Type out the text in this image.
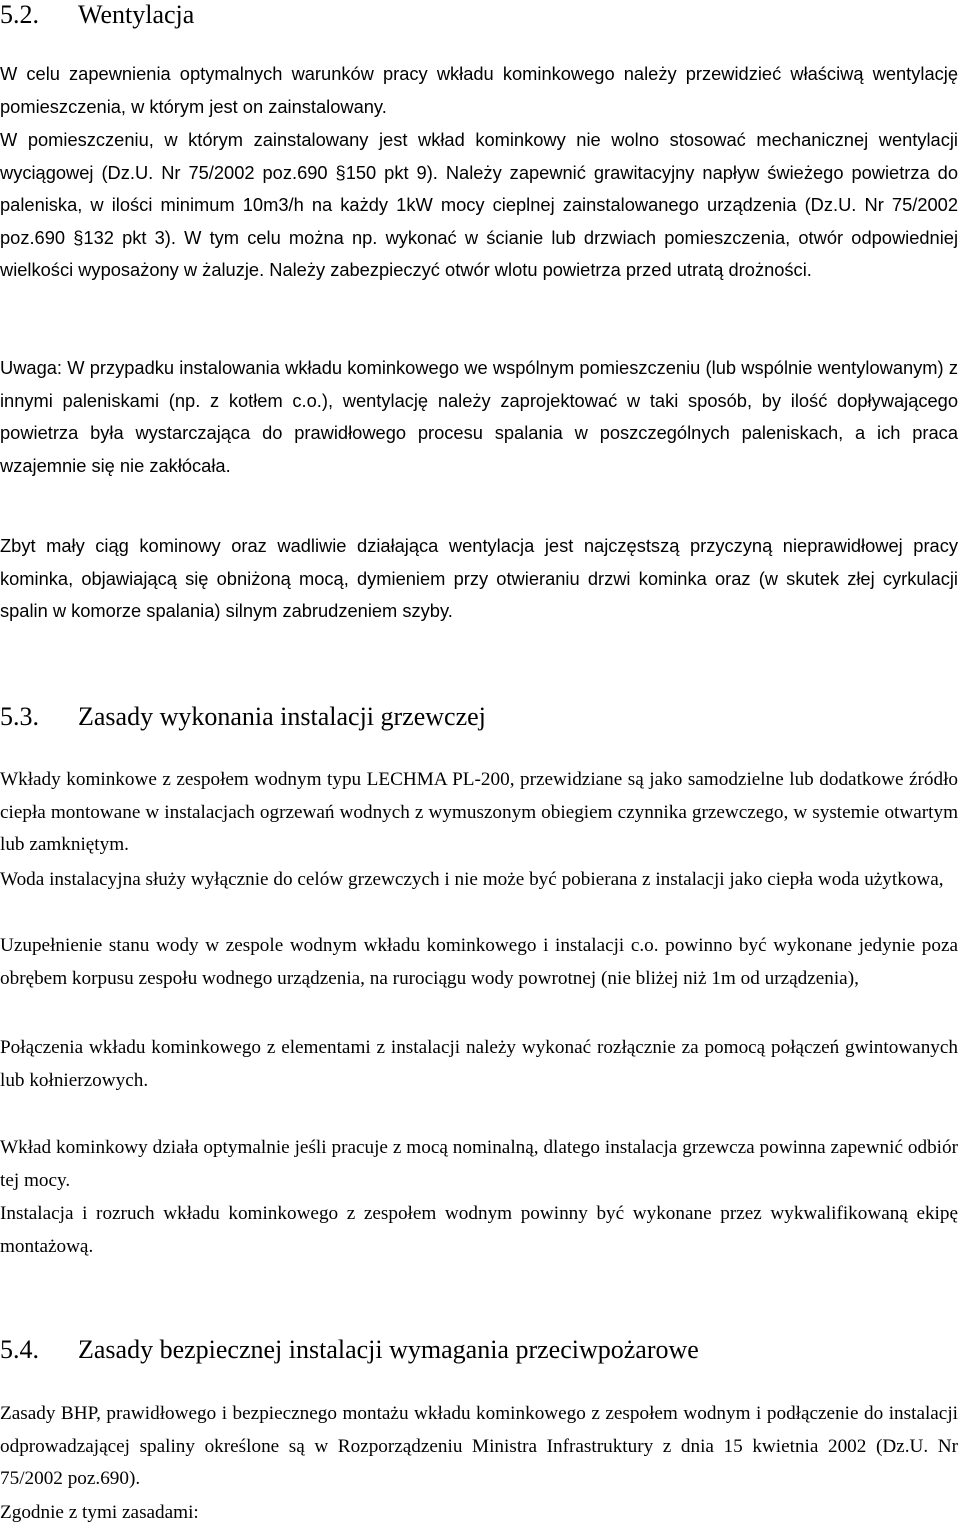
5.2. Wentylacja

W celu zapewnienia optymalnych warunków pracy wkładu kominkowego należy przewidzieć właściwą wentylację pomieszczenia, w którym jest on zainstalowany.

W pomieszczeniu, w którym zainstalowany jest wkład kominkowy nie wolno stosować mechanicznej wentylacji wyciągowej (Dz.U. Nr 75/2002 poz.690 §150 pkt 9). Należy zapewnić grawitacyjny napływ świeżego powietrza do paleniska, w ilości minimum 10m3/h na każdy 1kW mocy cieplnej zainstalowanego urządzenia (Dz.U. Nr 75/2002 poz.690 §132 pkt 3). W tym celu można np. wykonać w ścianie lub drzwiach pomieszczenia, otwór odpowiedniej wielkości wyposażony w żaluzje. Należy zabezpieczyć otwór wlotu powietrza przed utratą drożności.

Uwaga: W przypadku instalowania wkładu kominkowego we wspólnym pomieszczeniu (lub wspólnie wentylowanym) z innymi paleniskami (np. z kotłem c.o.), wentylację należy zaprojektować w taki sposób, by ilość dopływającego powietrza była wystarczająca do prawidłowego procesu spalania w poszczególnych paleniskach, a ich praca wzajemnie się nie zakłócała.

Zbyt mały ciąg kominowy oraz wadliwie działająca wentylacja jest najczęstszą przyczyną nieprawidłowej pracy kominka, objawiającą się obniżoną mocą, dymieniem przy otwieraniu drzwi kominka oraz (w skutek złej cyrkulacji spalin w komorze spalania) silnym zabrudzeniem szyby.

5.3. Zasady wykonania instalacji grzewczej

Wkłady kominkowe z zespołem wodnym typu LECHMA PL-200, przewidziane są jako samodzielne lub dodatkowe źródło ciepła montowane w instalacjach ogrzewań wodnych z wymuszonym obiegiem czynnika grzewczego, w systemie otwartym lub zamkniętym.

Woda instalacyjna służy wyłącznie do celów grzewczych i nie może być pobierana z instalacji jako ciepła woda użytkowa,

Uzupełnienie stanu wody w zespole wodnym wkładu kominkowego i instalacji c.o. powinno być wykonane jedynie poza obrębem korpusu zespołu wodnego urządzenia, na rurociągu wody powrotnej (nie bliżej niż 1m od urządzenia),

Połączenia wkładu kominkowego z elementami z instalacji należy wykonać rozłącznie za pomocą połączeń gwintowanych lub kołnierzowych.

Wkład kominkowy działa optymalnie jeśli pracuje z mocą nominalną, dlatego instalacja grzewcza powinna zapewnić odbiór tej mocy.

Instalacja i rozruch wkładu kominkowego z zespołem wodnym powinny być wykonane przez wykwalifikowaną ekipę montażową.

5.4. Zasady bezpiecznej instalacji wymagania przeciwpożarowe

Zasady BHP, prawidłowego i bezpiecznego montażu wkładu kominkowego z zespołem wodnym i podłączenie do instalacji odprowadzającej spaliny określone są w Rozporządzeniu Ministra Infrastruktury z dnia 15 kwietnia 2002 (Dz.U. Nr 75/2002 poz.690).

Zgodnie z tymi zasadami:
